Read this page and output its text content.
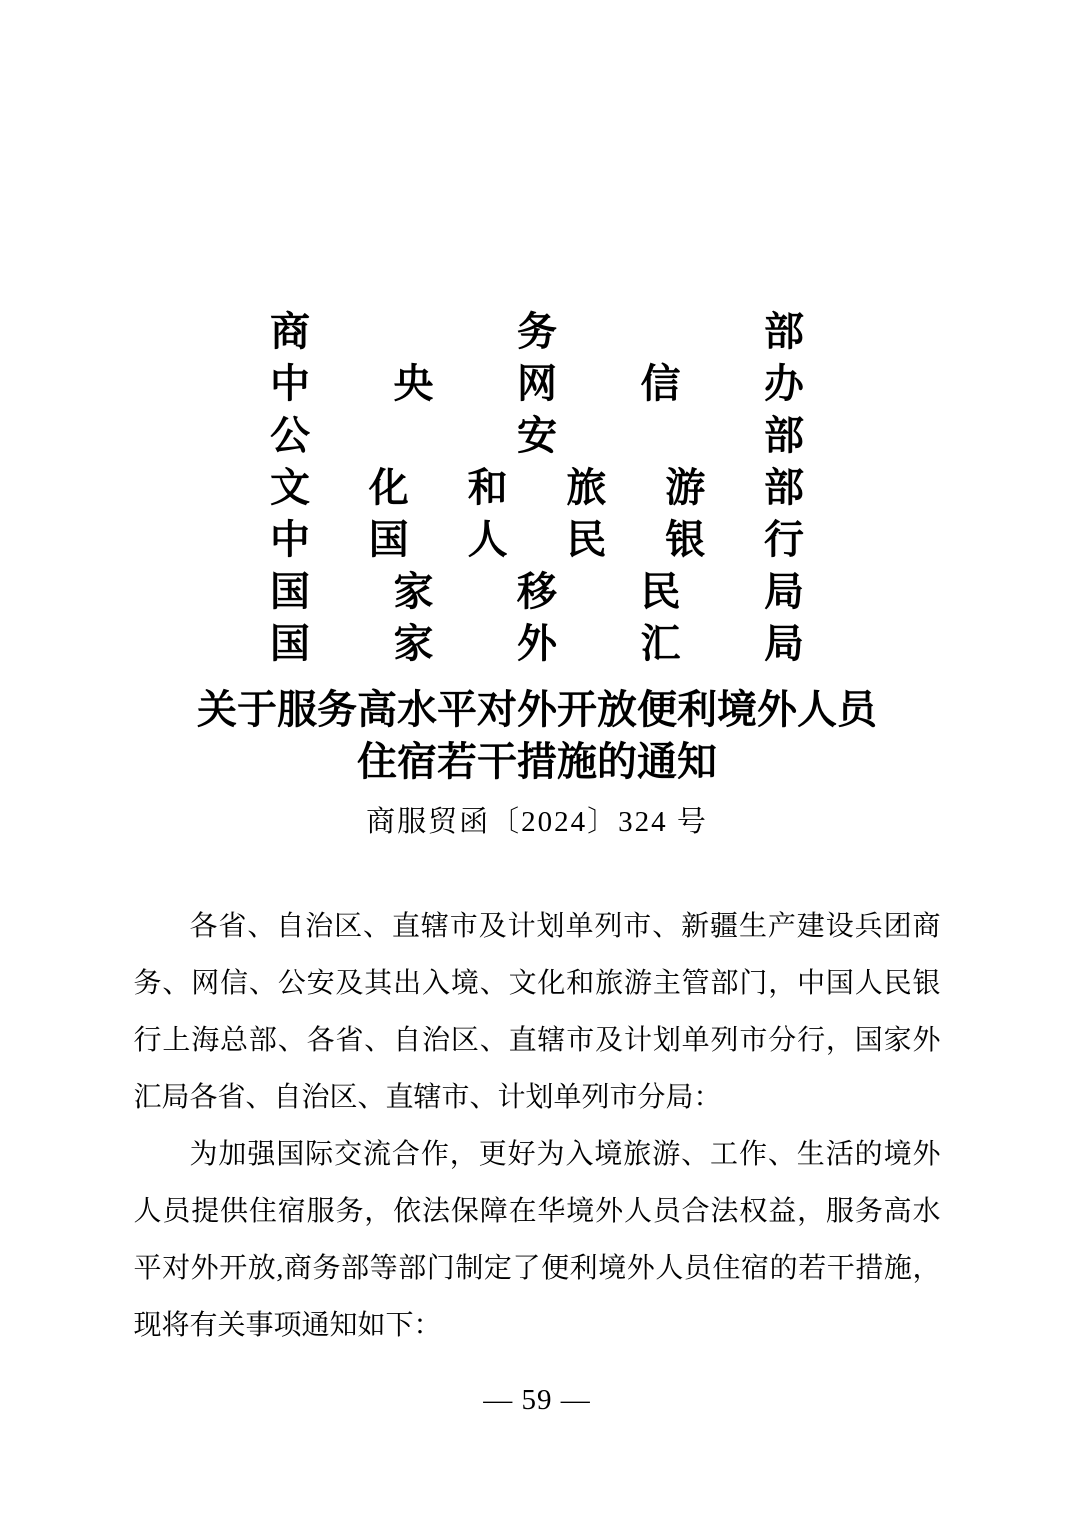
商	务	部
中 央 网 信 办
公	安	部
文 化 和 旅 游 部
中 国 人 民 银 行
国 家 移 民 局
国 家 外 汇 局
关于服务高水平对外开放便利境外人员
住宿若干措施的通知
商服贸函〔2024〕324 号

各省、自治区、直辖市及计划单列市、新疆生产建设兵团商务、网信、公安及其出入境、文化和旅游主管部门，中国人民银行上海总部、各省、自治区、直辖市及计划单列市分行，国家外汇局各省、自治区、直辖市、计划单列市分局：

为加强国际交流合作，更好为入境旅游、工作、生活的境外人员提供住宿服务，依法保障在华境外人员合法权益，服务高水平对外开放,商务部等部门制定了便利境外人员住宿的若干措施，现将有关事项通知如下：

— 59 —
